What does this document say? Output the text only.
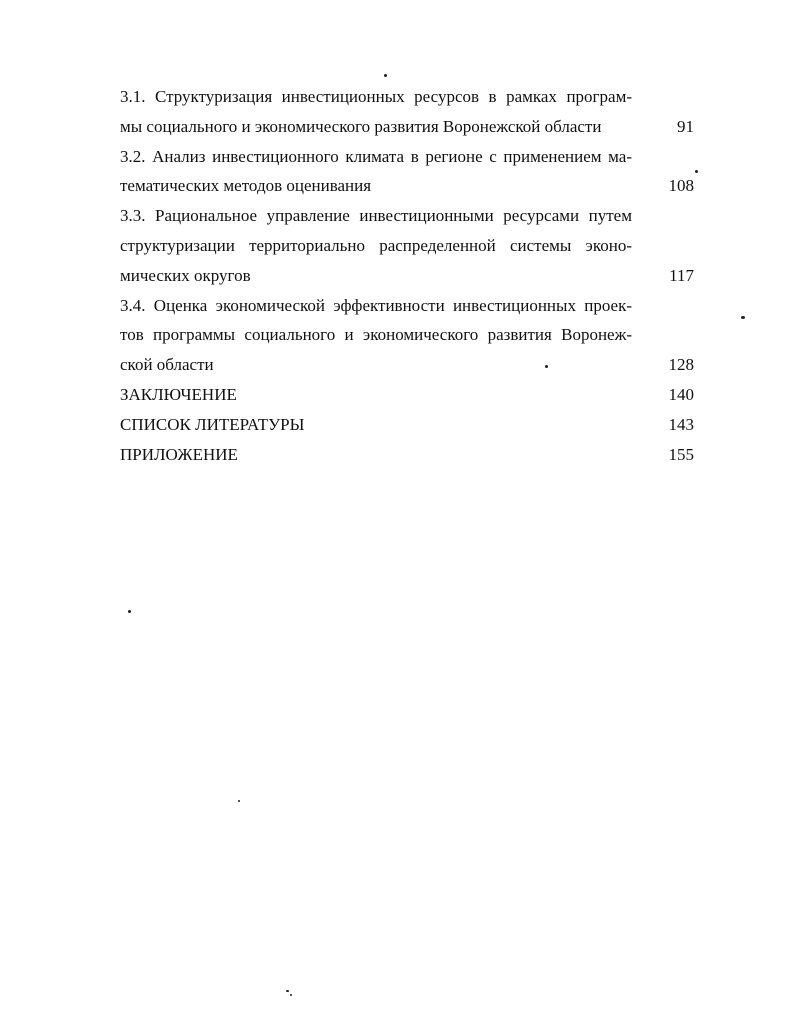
3.1. Структуризация инвестиционных ресурсов в рамках програм-
мы социального и экономического развития Воронежской области	91
3.2. Анализ инвестиционного климата в регионе с применением ма-
тематических методов оценивания	108
3.3. Рациональное управление инвестиционными ресурсами путем
структуризации территориально распределенной системы эконо-
мических округов	117
3.4. Оценка экономической эффективности инвестиционных проек-
тов программы социального и экономического развития Воронеж-
ской области	128
ЗАКЛЮЧЕНИЕ	140
СПИСОК ЛИТЕРАТУРЫ	143
ПРИЛОЖЕНИЕ	155
